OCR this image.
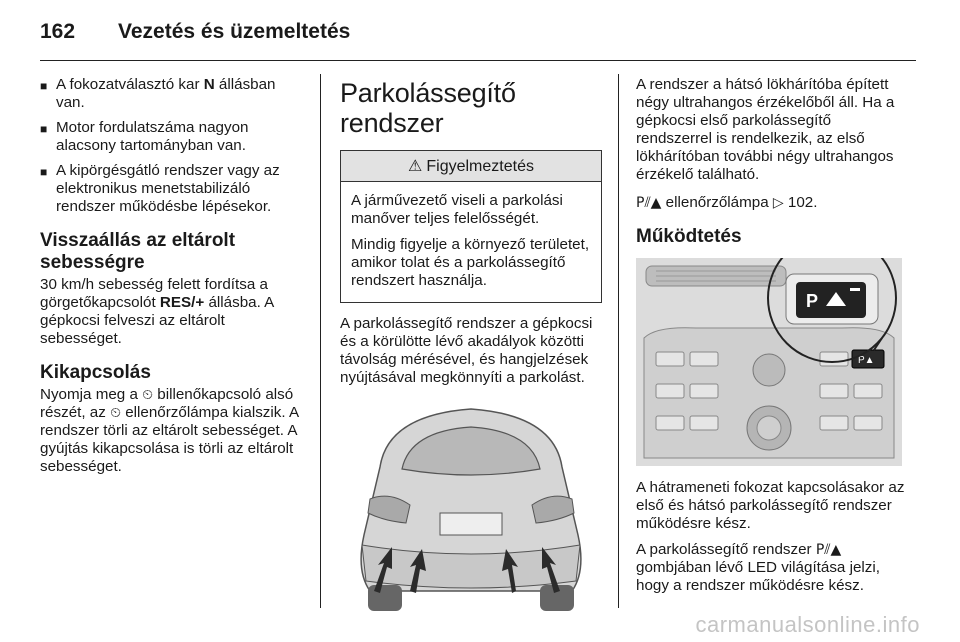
162 Vezetés és üzemeltetés
■ A fokozatválasztó kar N állásban van.
■ Motor fordulatszáma nagyon alacsony tartományban van.
■ A kipörgésgátló rendszer vagy az elektronikus menetstabilizáló rendszer működésbe lépésekor.
Visszaállás az eltárolt sebességre

30 km/h sebesség felett fordítsa a görgetőkapcsolót RES/+ állásba. A gépkocsi felveszi az eltárolt sebességet.

Kikapcsolás

Nyomja meg a ⏲ billenőkapcsoló alsó részét, az ⏲ ellenőrzőlámpa kialszik. A rendszer törli az eltárolt sebességet. A gyújtás kikapcsolása is törli az eltárolt sebességet.

Parkolássegítő rendszer
⚠ Figyelmeztetés

A járművezető viseli a parkolási manőver teljes felelősségét.

Mindig figyelje a környező területet, amikor tolat és a parkolássegítő rendszert használja.

A parkolássegítő rendszer a gépkocsi és a körülötte lévő akadályok közötti távolság mérésével, és hangjelzések nyújtásával megkönnyíti a parkolást.

A rendszer a hátsó lökhárítóba épített négy ultrahangos érzékelőből áll. Ha a gépkocsi első parkolássegítő rendszerrel is rendelkezik, az első lökhárítóban további négy ultrahangos érzékelő található.

P⫽▲ ellenőrzőlámpa ▷ 102.

Működtetés
P▲
P

A hátrameneti fokozat kapcsolásakor az első és hátsó parkolássegítő rendszer működésre kész.

A parkolássegítő rendszer P⫽▲ gombjában lévő LED világítása jelzi, hogy a rendszer működésre kész.

carmanualsonline.info
